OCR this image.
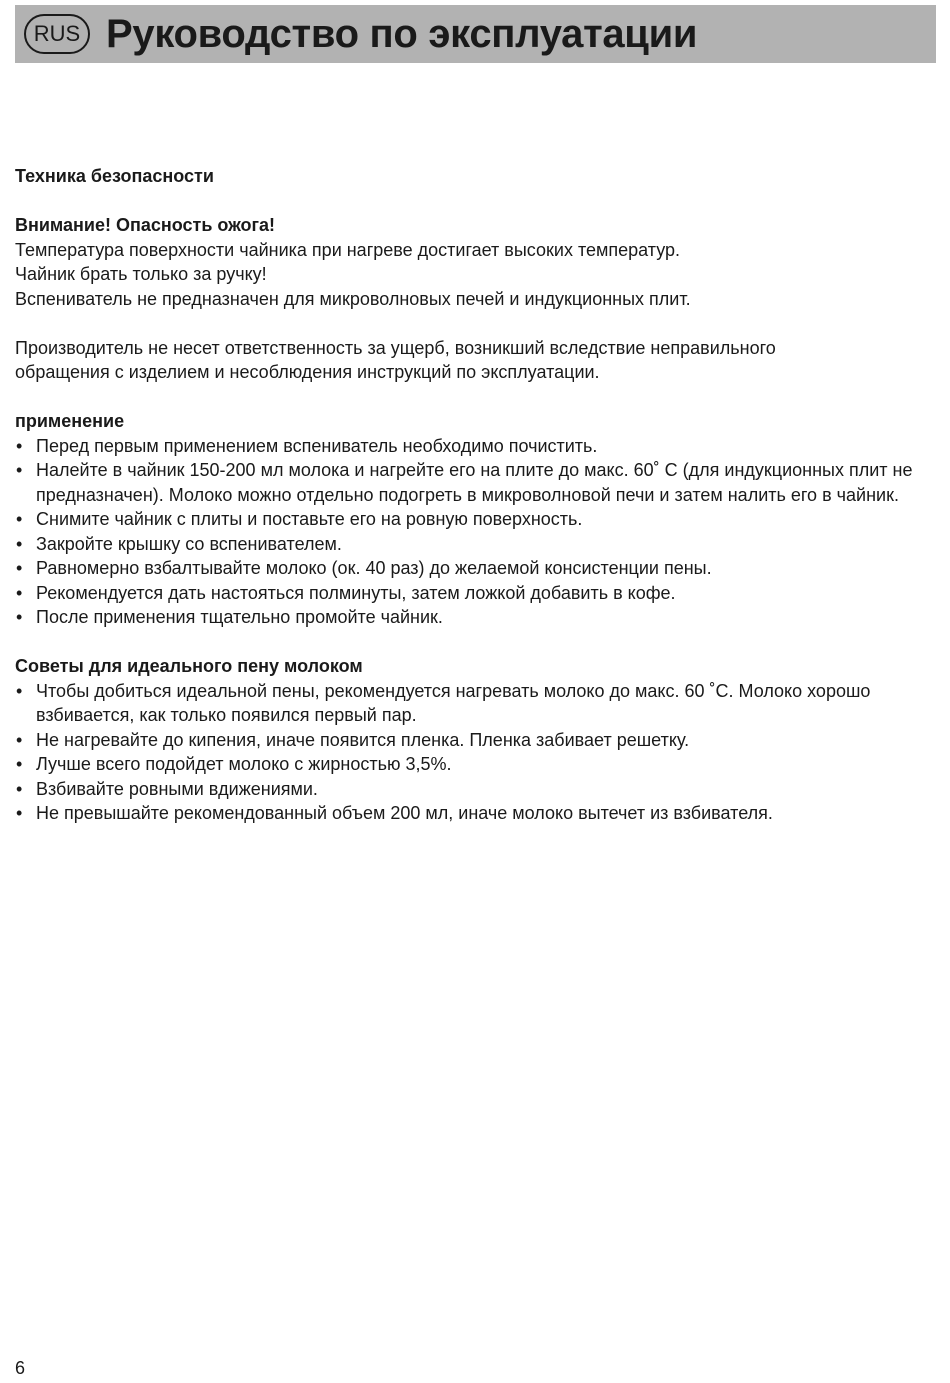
RUS Руководство по эксплуатации

Техника безопасности

Внимание! Опасность ожога!

Температура поверхности чайника при нагреве достигает высоких температур.

Чайник брать только за ручку!

Вспениватель не предназначен для микроволновых печей и индукционных плит.

Производитель не несет ответственность за ущерб, возникший вследствие неправильного

обращения с изделием и несоблюдения инструкций по эксплуатации.

применение

• Перед первым применением вспениватель необходимо почистить.
• Налейте в чайник 150-200 мл молока и нагрейте его на плите до макс. 60˚ C (для индукционных плит не предназначен). Молоко можно отдельно подогреть в микроволновой печи и затем налить его в чайник.
• Снимите чайник с плиты и поставьте его на ровную поверхность.
• Закройте крышку со вспенивателем.
• Равномерно взбалтывайте молоко (ок. 40 раз) до желаемой консистенции пены.
• Рекомендуется дать настояться полминуты, затем ложкой добавить в кофе.
• После применения тщательно промойте чайник.

Советы для идеального пену молоком

• Чтобы добиться идеальной пены, рекомендуется нагревать молоко до макс. 60 ˚C. Молоко хорошо взбивается, как только появился первый пар.
• Не нагревайте до кипения, иначе появится пленка. Пленка забивает решетку.
• Лучше всего подойдет молоко с жирностью 3,5%.
• Взбивайте ровными вдижениями.
• Не превышайте рекомендованный объем 200 мл, иначе молоко вытечет из взбивателя.
6
